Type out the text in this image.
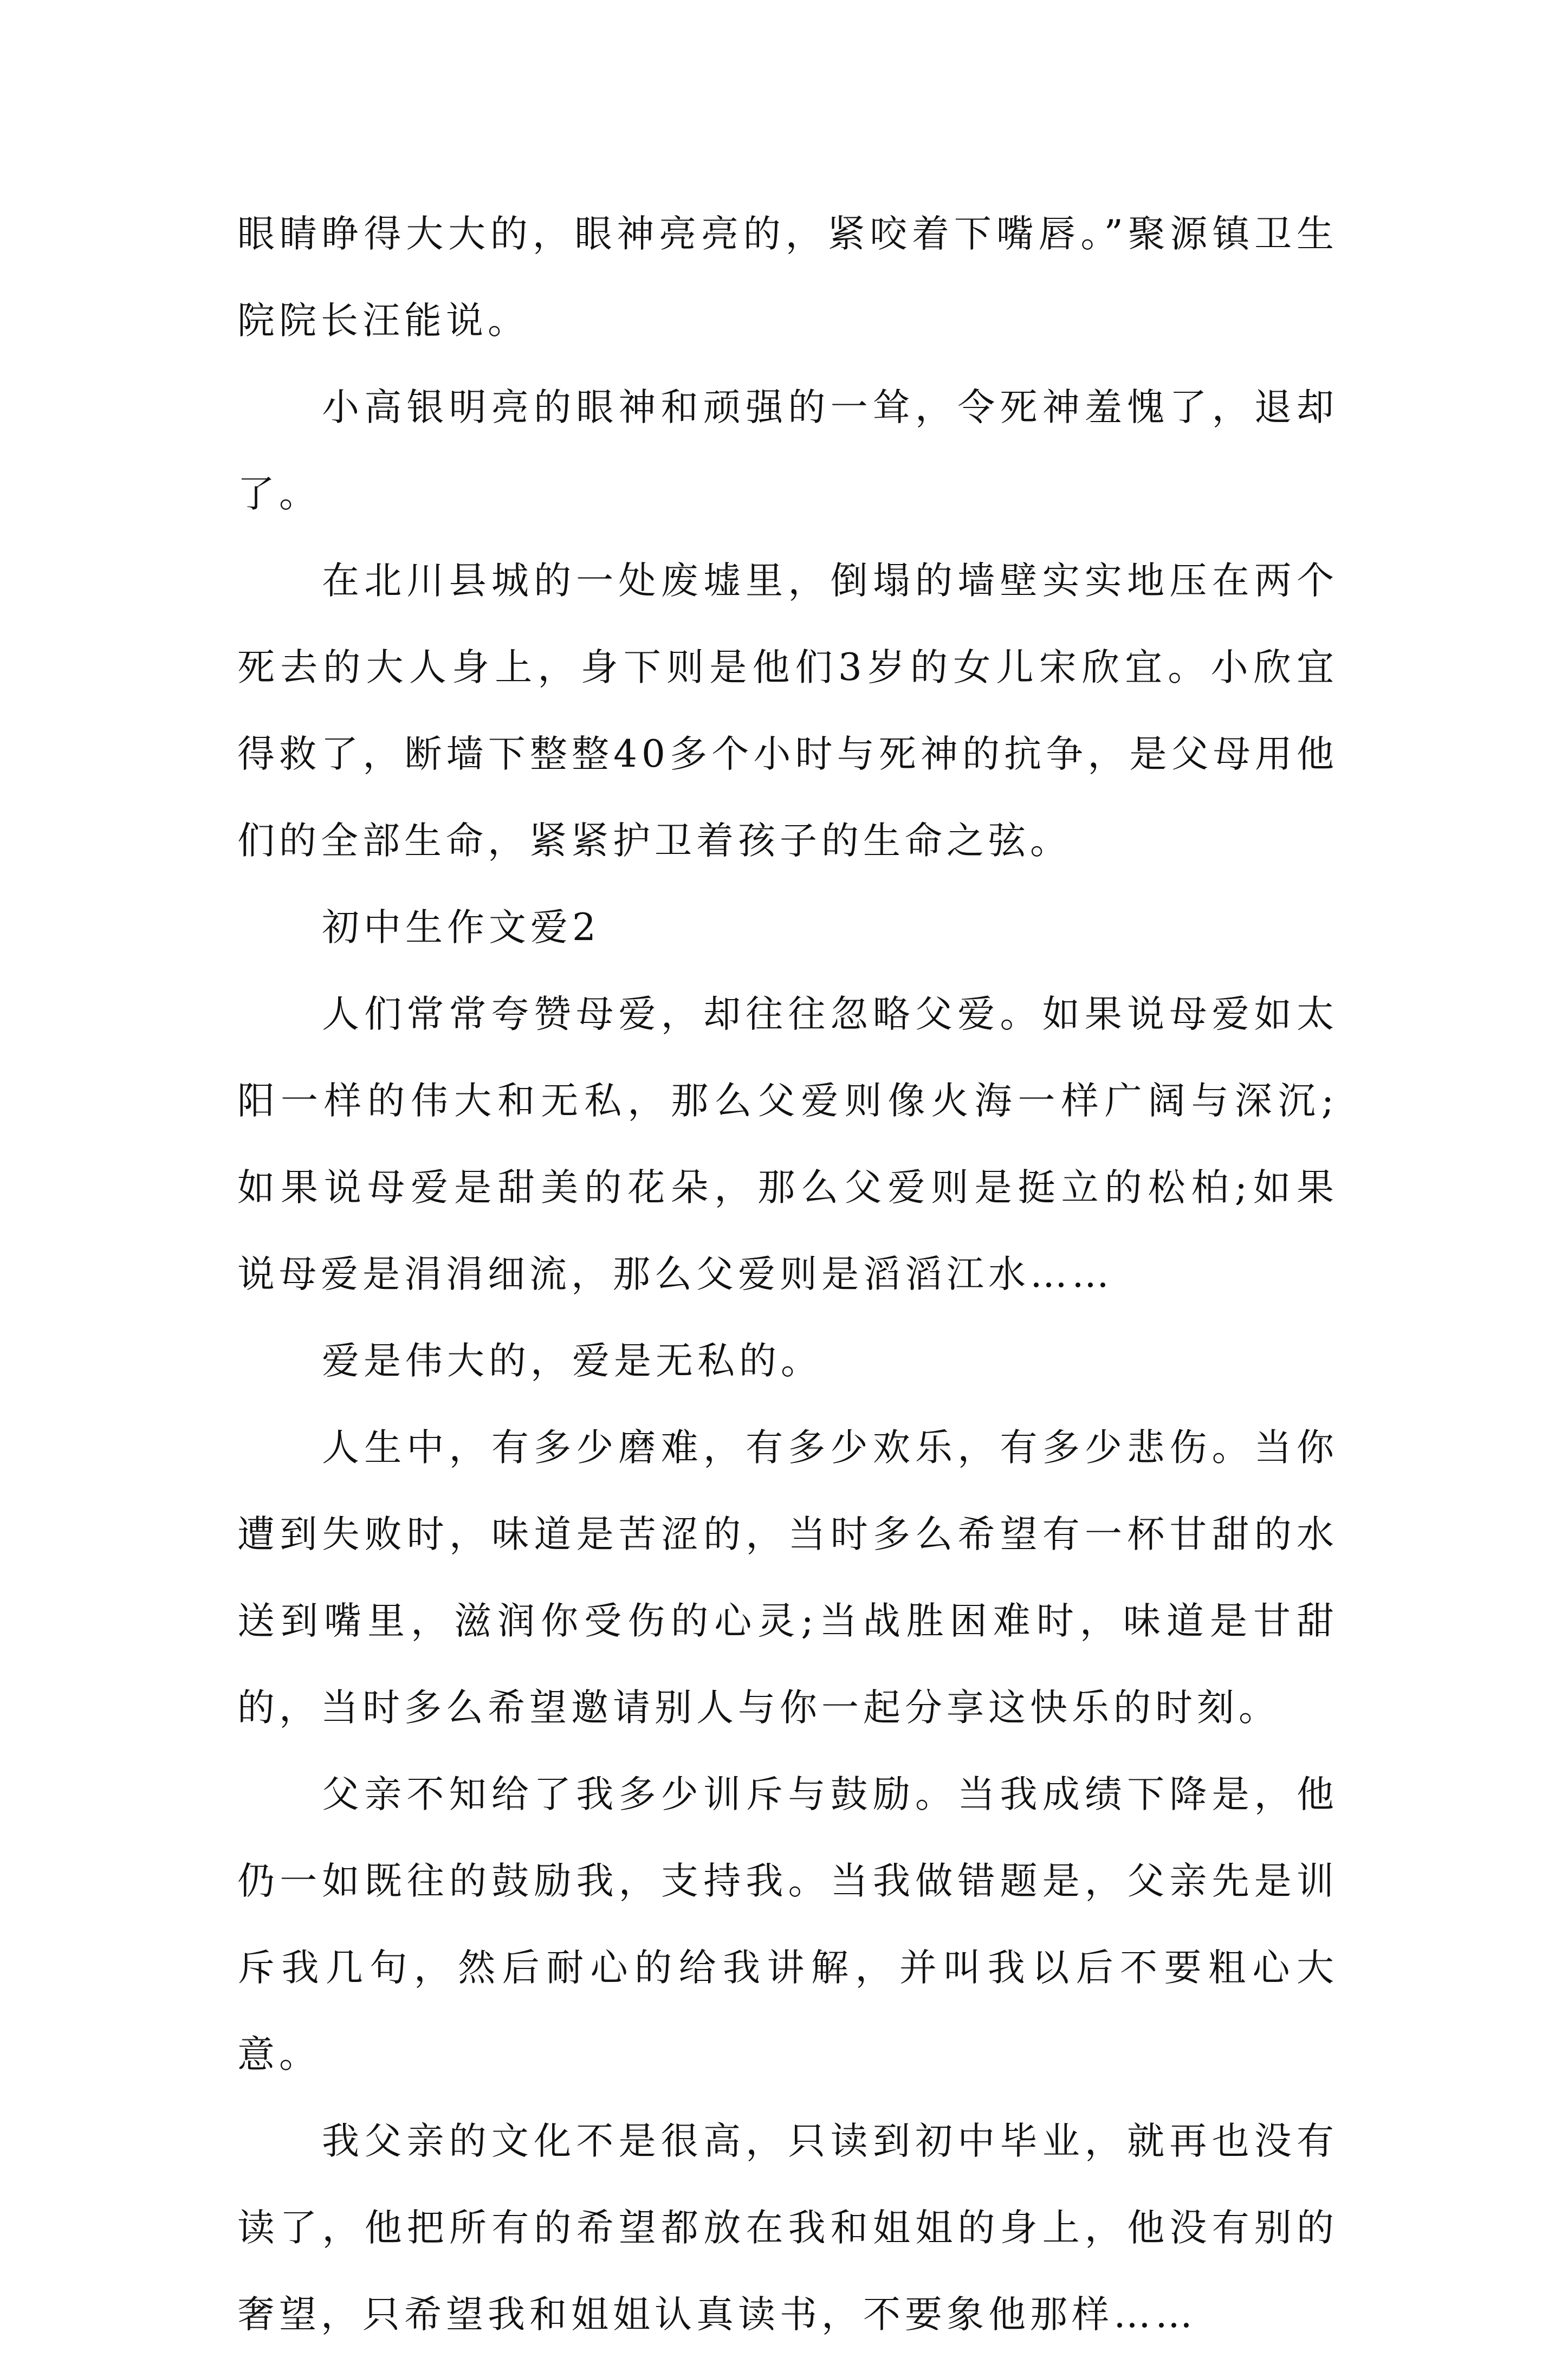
眼睛睁得大大的，眼神亮亮的，紧咬着下嘴唇。”聚源镇卫生院院长汪能说。

小高银明亮的眼神和顽强的一耸，令死神羞愧了，退却了。

在北川县城的一处废墟里，倒塌的墙壁实实地压在两个死去的大人身上，身下则是他们3岁的女儿宋欣宜。小欣宜得救了，断墙下整整40多个小时与死神的抗争，是父母用他们的全部生命，紧紧护卫着孩子的生命之弦。

初中生作文爱2

人们常常夸赞母爱，却往往忽略父爱。如果说母爱如太阳一样的伟大和无私，那么父爱则像火海一样广阔与深沉;如果说母爱是甜美的花朵，那么父爱则是挺立的松柏;如果说母爱是涓涓细流，那么父爱则是滔滔江水……

爱是伟大的，爱是无私的。

人生中，有多少磨难，有多少欢乐，有多少悲伤。当你遭到失败时，味道是苦涩的，当时多么希望有一杯甘甜的水送到嘴里，滋润你受伤的心灵;当战胜困难时，味道是甘甜的，当时多么希望邀请别人与你一起分享这快乐的时刻。

父亲不知给了我多少训斥与鼓励。当我成绩下降是，他仍一如既往的鼓励我，支持我。当我做错题是，父亲先是训斥我几句，然后耐心的给我讲解，并叫我以后不要粗心大意。

我父亲的文化不是很高，只读到初中毕业，就再也没有读了，他把所有的希望都放在我和姐姐的身上，他没有别的奢望，只希望我和姐姐认真读书，不要象他那样……
